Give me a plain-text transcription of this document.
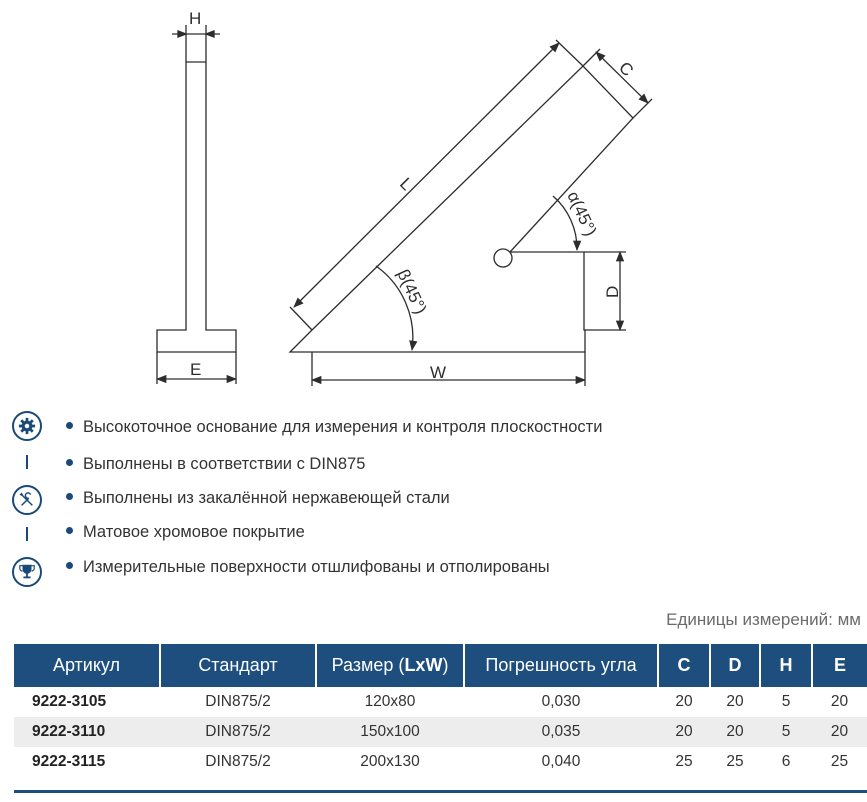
H
E
C
L
D
W
α(45°)
β(45°)
Высокоточное основание для измерения и контроля плоскостности
Выполнены в соответствии с DIN875
Выполнены из закалённой нержавеющей стали
Матовое хромовое покрытие
Измерительные поверхности отшлифованы и отполированы
Единицы измерений: мм
Артикул	Стандарт	Размер (LxW)	Погрешность угла	C	D	H	E
9222-3105	DIN875/2	120x80	0,030	20	20	5	20
9222-3110	DIN875/2	150x100	0,035	20	20	5	20
9222-3115	DIN875/2	200x130	0,040	25	25	6	25
